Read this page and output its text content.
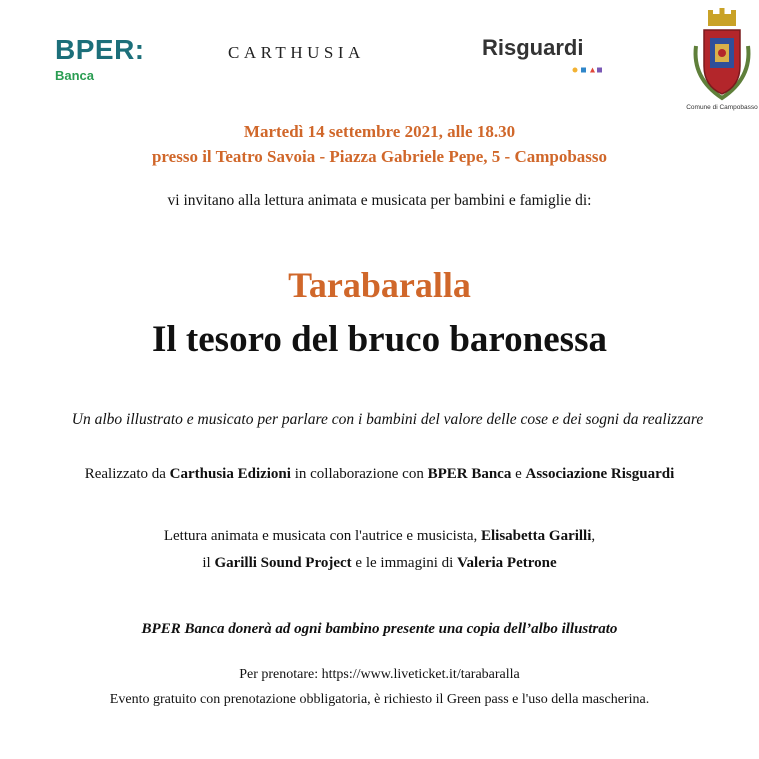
BPER:
Banca
CARTHUSIA	Risguardi
Comune di Campobasso
Martedì 14 settembre 2021, alle 18.30
presso il Teatro Savoia - Piazza Gabriele Pepe, 5 - Campobasso
vi invitano alla lettura animata e musicata per bambini e famiglie di:
Tarabaralla
Il tesoro del bruco baronessa
Un albo illustrato e musicato per parlare con i bambini del valore delle cose e dei sogni da realizzare
Realizzato da Carthusia Edizioni in collaborazione con BPER Banca e Associazione Risguardi
Lettura animata e musicata con l'autrice e musicista, Elisabetta Garilli,
il Garilli Sound Project e le immagini di Valeria Petrone
BPER Banca donerà ad ogni bambino presente una copia dell’albo illustrato
Per prenotare: https://www.liveticket.it/tarabaralla
Evento gratuito con prenotazione obbligatoria, è richiesto il Green pass e l'uso della mascherina.
